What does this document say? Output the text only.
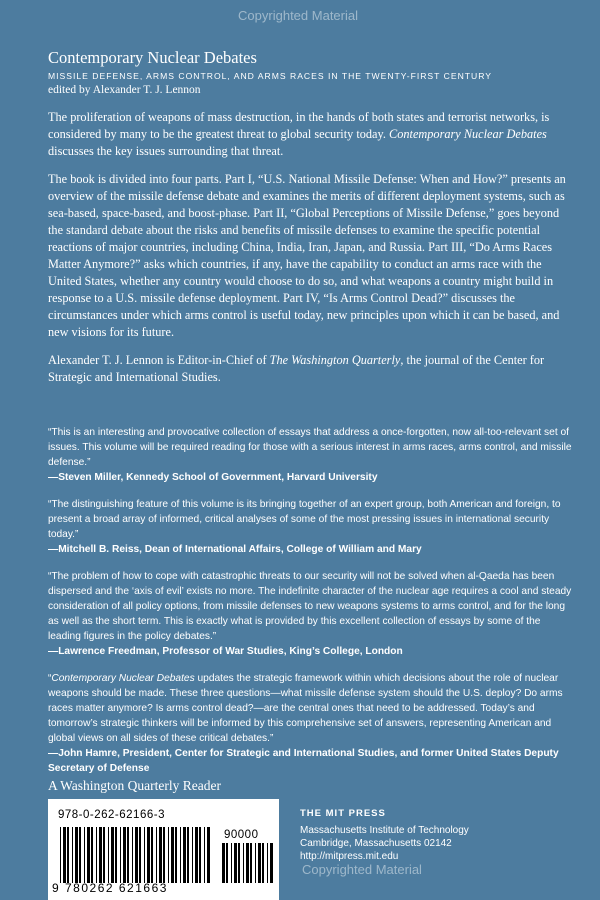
Copyrighted Material
Contemporary Nuclear Debates
MISSILE DEFENSE, ARMS CONTROL, AND ARMS RACES IN THE TWENTY-FIRST CENTURY
edited by Alexander T. J. Lennon

The proliferation of weapons of mass destruction, in the hands of both states and terrorist networks, is considered by many to be the greatest threat to global security today. Contemporary Nuclear Debates discusses the key issues surrounding that threat.

The book is divided into four parts. Part I, “U.S. National Missile Defense: When and How?” presents an overview of the missile defense debate and examines the merits of different deployment systems, such as sea-based, space-based, and boost-phase. Part II, “Global Perceptions of Missile Defense,” goes beyond the standard debate about the risks and benefits of missile defenses to examine the specific potential reactions of major countries, including China, India, Iran, Japan, and Russia. Part III, “Do Arms Races Matter Anymore?” asks which countries, if any, have the capability to conduct an arms race with the United States, whether any country would choose to do so, and what weapons a country might build in response to a U.S. missile defense deployment. Part IV, “Is Arms Control Dead?” discusses the circumstances under which arms control is useful today, new principles upon which it can be based, and new visions for its future.

Alexander T. J. Lennon is Editor-in-Chief of The Washington Quarterly, the journal of the Center for Strategic and International Studies.

“This is an interesting and provocative collection of essays that address a once-forgotten, now all-too-relevant set of issues. This volume will be required reading for those with a serious interest in arms races, arms control, and missile defense.”

—Steven Miller, Kennedy School of Government, Harvard University

“The distinguishing feature of this volume is its bringing together of an expert group, both American and foreign, to present a broad array of informed, critical analyses of some of the most pressing issues in international security today.”

—Mitchell B. Reiss, Dean of International Affairs, College of William and Mary

“The problem of how to cope with catastrophic threats to our security will not be solved when al-Qaeda has been dispersed and the ‘axis of evil’ exists no more. The indefinite character of the nuclear age requires a cool and steady consideration of all policy options, from missile defenses to new weapons systems to arms control, and for the long as well as the short term. This is exactly what is provided by this excellent collection of essays by some of the leading figures in the policy debates.”

—Lawrence Freedman, Professor of War Studies, King’s College, London

“Contemporary Nuclear Debates updates the strategic framework within which decisions about the role of nuclear weapons should be made. These three questions—what missile defense system should the U.S. deploy? Do arms races matter anymore? Is arms control dead?—are the central ones that need to be addressed. Today’s and tomorrow’s strategic thinkers will be informed by this comprehensive set of answers, representing American and global views on all sides of these critical debates.”

—John Hamre, President, Center for Strategic and International Studies, and former United States Deputy Secretary of Defense

A Washington Quarterly Reader
978-0-262-62166-3
90000
9 780262 621663
THE MIT PRESS

Massachusetts Institute of Technology

Cambridge, Massachusetts 02142

http://mitpress.mit.edu

Copyrighted Material
